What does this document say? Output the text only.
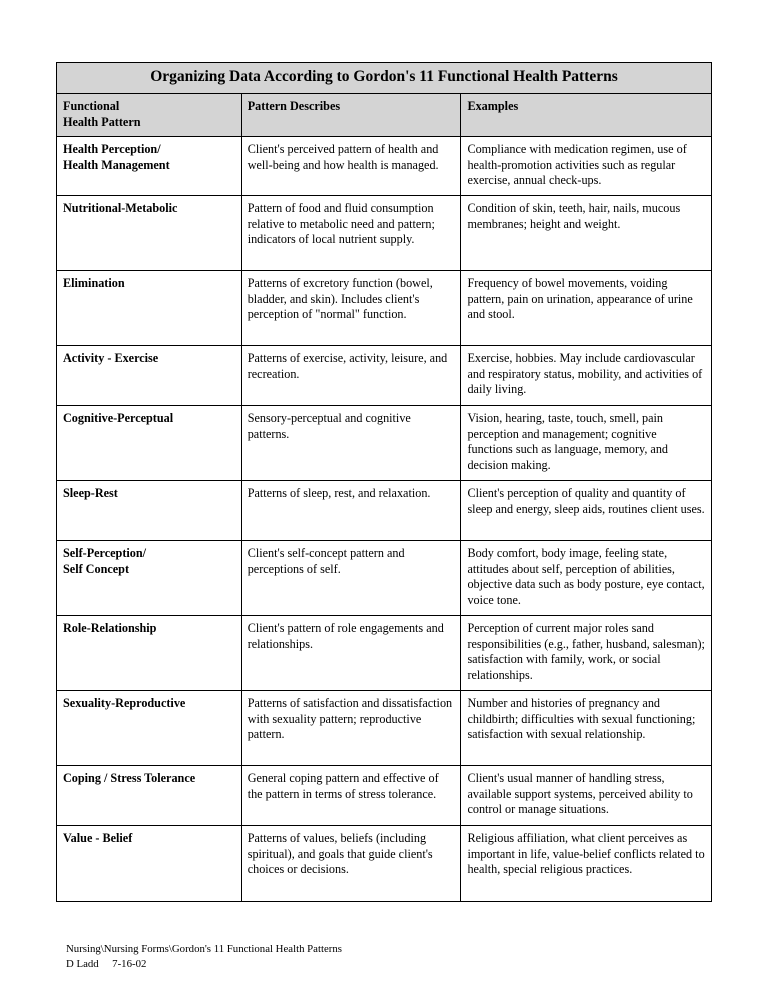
Organizing Data According to Gordon's 11 Functional Health Patterns		
Functional
Health Pattern	Pattern Describes	Examples
Health Perception/
Health Management	Client's perceived pattern of health and well-being and how health is managed.	Compliance with medication regimen, use of health-promotion activities such as regular exercise, annual check-ups.
Nutritional-Metabolic	Pattern of food and fluid consumption relative to metabolic need and pattern; indicators of local nutrient supply.	Condition of skin, teeth, hair, nails, mucous membranes; height and weight.
Elimination	Patterns of excretory function (bowel, bladder, and skin). Includes client's perception of "normal" function.	Frequency of bowel movements, voiding pattern, pain on urination, appearance of urine and stool.
Activity - Exercise	Patterns of exercise, activity, leisure, and recreation.	Exercise, hobbies. May include cardiovascular and respiratory status, mobility, and activities of daily living.
Cognitive-Perceptual	Sensory-perceptual and cognitive patterns.	Vision, hearing, taste, touch, smell, pain perception and management; cognitive functions such as language, memory, and decision making.
Sleep-Rest	Patterns of sleep, rest, and relaxation.	Client's perception of quality and quantity of sleep and energy, sleep aids, routines client uses.
Self-Perception/
Self Concept	Client's self-concept pattern and perceptions of self.	Body comfort, body image, feeling state, attitudes about self, perception of abilities, objective data such as body posture, eye contact, voice tone.
Role-Relationship	Client's pattern of role engagements and relationships.	Perception of current major roles sand responsibilities (e.g., father, husband, salesman); satisfaction with family, work, or social relationships.
Sexuality-Reproductive	Patterns of satisfaction and dissatisfaction with sexuality pattern; reproductive pattern.	Number and histories of pregnancy and childbirth; difficulties with sexual functioning; satisfaction with sexual relationship.
Coping / Stress Tolerance	General coping pattern and effective of the pattern in terms of stress tolerance.	Client's usual manner of handling stress, available support systems, perceived ability to control or manage situations.
Value - Belief	Patterns of values, beliefs (including spiritual), and goals that guide client's choices or decisions.	Religious affiliation, what client perceives as important in life, value-belief conflicts related to health, special religious practices.
Nursing\Nursing Forms\Gordon's 11 Functional Health Patterns
D Ladd     7-16-02
